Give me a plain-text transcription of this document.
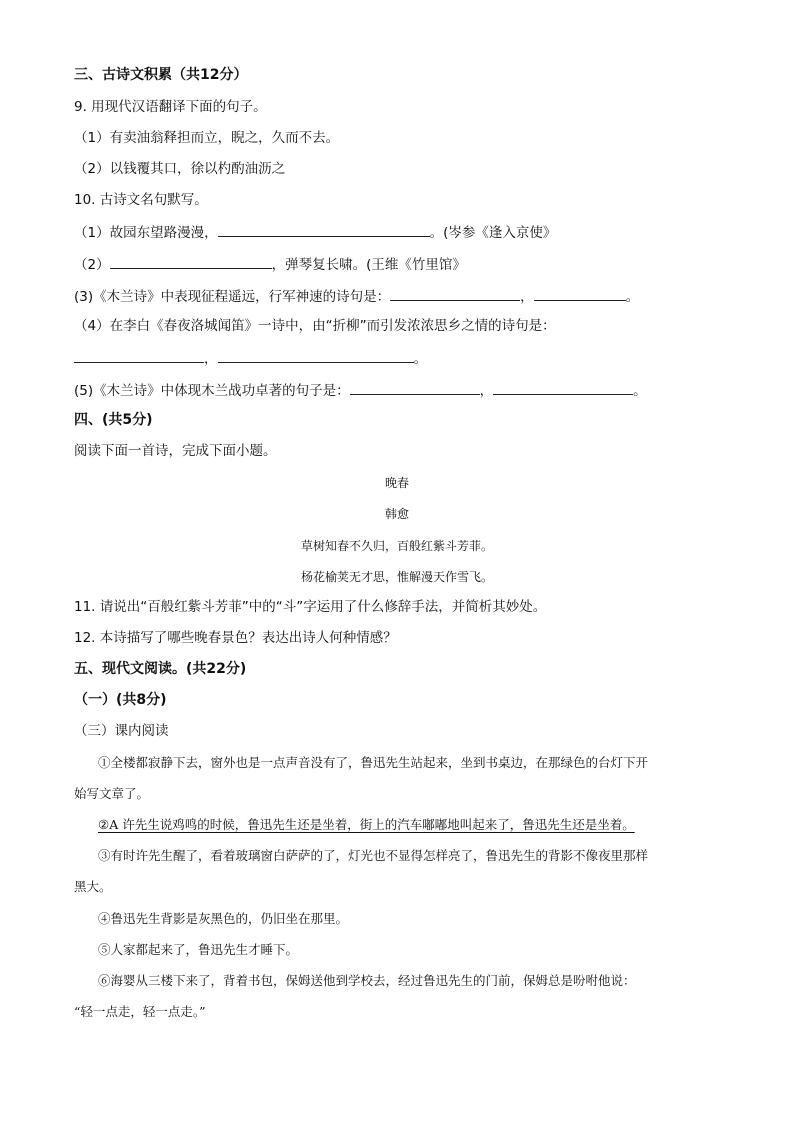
三、古诗文积累（共12分）
9. 用现代汉语翻译下面的句子。
（1）有卖油翁释担而立，睨之，久而不去。
（2）以钱覆其口，徐以杓酌油沥之
10. 古诗文名句默写。
（1）故园东望路漫漫，	。(岑参《逢入京使》
（2）	，弹琴复长啸。(王维《竹里馆》
(3)《木兰诗》中表现征程遥远，行军神速的诗句是：	，	。
（4）在李白《春夜洛城闻笛》一诗中，由“折柳”而引发浓浓思乡之情的诗句是：
，	。
(5)《木兰诗》中体现木兰战功卓著的句子是：	，	。
四、(共5分)
阅读下面一首诗，完成下面小题。
晚春
韩愈
草树知春不久归，百般红紫斗芳菲。
杨花榆荚无才思，惟解漫天作雪飞。
11. 请说出“百般红紫斗芳菲”中的“斗”字运用了什么修辞手法，并简析其妙处。
12. 本诗描写了哪些晚春景色？表达出诗人何种情感？
五、现代文阅读。(共22分)
（一）(共8分)
（三）课内阅读
①全楼都寂静下去，窗外也是一点声音没有了，鲁迅先生站起来，坐到书桌边，在那绿色的台灯下开
始写文章了。
②A 许先生说鸡鸣的时候，鲁迅先生还是坐着，街上的汽车嘟嘟地叫起来了，鲁迅先生还是坐着。
③有时许先生醒了，看着玻璃窗白萨萨的了，灯光也不显得怎样亮了，鲁迅先生的背影不像夜里那样
黑大。
④鲁迅先生背影是灰黑色的，仍旧坐在那里。
⑤人家都起来了，鲁迅先生才睡下。
⑥海婴从三楼下来了，背着书包，保姆送他到学校去，经过鲁迅先生的门前，保姆总是吩咐他说：
“轻一点走，轻一点走。”
